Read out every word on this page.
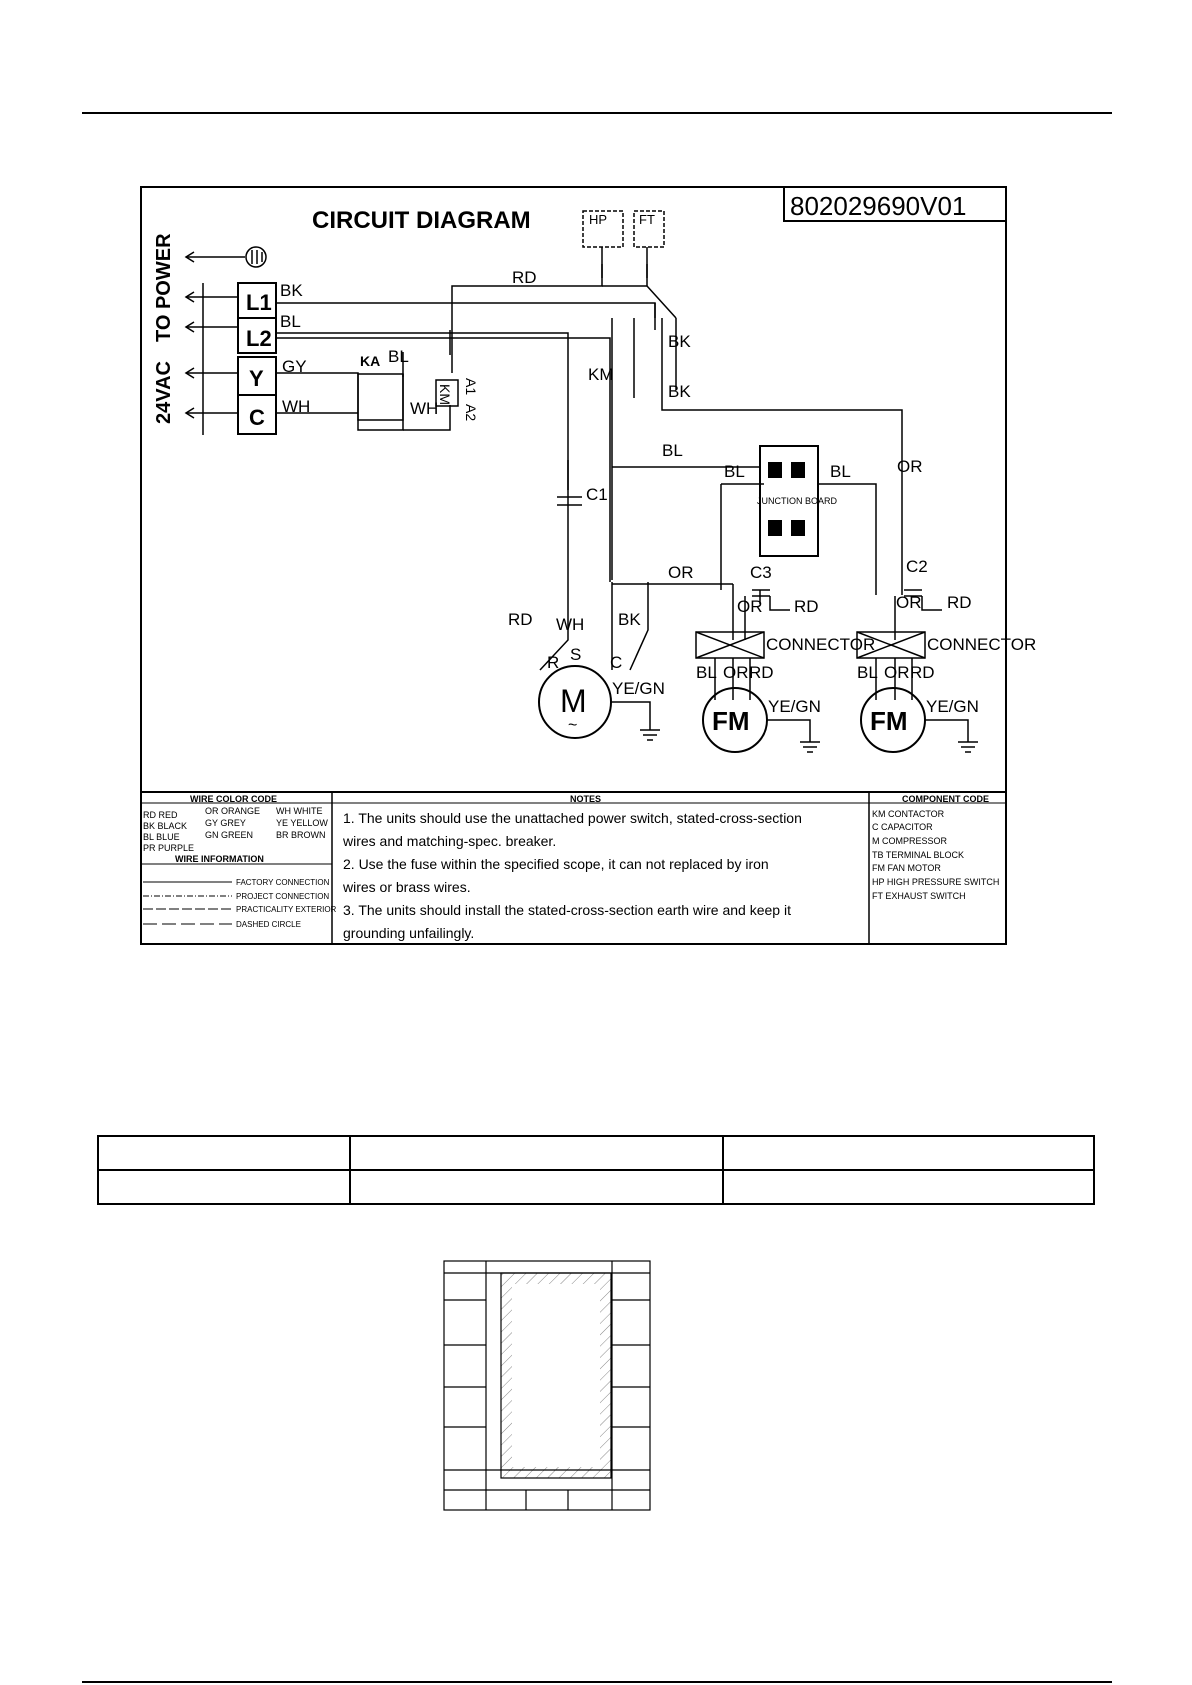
CIRCUIT DIAGRAM	802029690V01
TO POWER
24VAC
L1
L2
Y
C
HP FT
JUNCTION BOARD
M
~	FM	FM
BK
BL
GY
WH
RD
BK
BK
BL
WH
BL
BL	BL	OR
OR
RD WH BK
OR RD	OR RD
KM
KA
A1
KM
A2
C1
C3	C2
CONNECTOR	CONNECTOR
R S C
YE/GN
YE/GN	YE/GN
BL OR RD	BL OR RD
WIRE COLOR CODE
RD RED	OR ORANGE WH WHITE
BK BLACK GY GREY	YE YELLOW
BL BLUE	GN GREEN	BR BROWN
PR PURPLE
WIRE INFORMATION
FACTORY CONNECTION
PROJECT CONNECTION
PRACTICALITY EXTERIOR
DASHED CIRCLE
NOTES
1. The units should use the unattached power switch, stated-cross-section
wires and matching-spec. breaker.
2. Use the fuse within the specified scope, it can not replaced by iron
wires or brass wires.
3. The units should install the stated-cross-section earth wire and keep it
grounding unfailingly.
COMPONENT CODE
KM CONTACTOR
C CAPACITOR
M COMPRESSOR
TB TERMINAL BLOCK
FM FAN MOTOR
HP HIGH PRESSURE SWITCH
FT EXHAUST SWITCH
